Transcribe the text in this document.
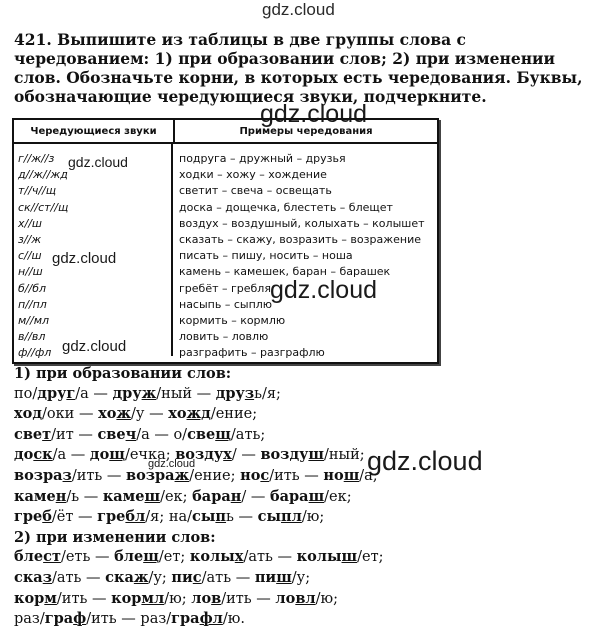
gdz.cloud
gdz.cloud
gdz.cloud
gdz.cloud
gdz.cloud
gdz.cloud
gdz.cloud
gdz.cloud
421. Выпишите из таблицы в две группы слова с чередованием: 1) при образовании слов; 2) при изменении слов. Обозначьте корни, в которых есть чередования. Буквы, обозначающие чередующиеся звуки, подчеркните.
Чередующиеся звуки	Примеры чередования
г//ж//з
д//ж//жд
т//ч//щ
ск//ст//щ
х//ш
з//ж
с//ш
н//ш
б//бл
п//пл
м//мл
в//вл
ф//фл
подруга – дружный – друзья
ходки – хожу – хождение
светит – свеча – освещать
доска – дощечка, блестеть – блещет
воздух – воздушный, колыхать – колышет
сказать – скажу, возразить – возражение
писать – пишу, носить – ноша
камень – камешек, баран – барашек
гребёт – гребля
насыпь – сыплю
кормить – кормлю
ловить – ловлю
разграфить – разграфлю
1) при образовании слов:
по/друг/а — друж/ный — друзь/я;
ход/оки — хож/у — хожд/ение;
свет/ит — свеч/а — о/свещ/ать;
доск/а — дощ/ечка; воздух/ — воздуш/ный;
возраз/ить — возраж/ение; нос/ить — нош/а;
камен/ь — камеш/ек; баран/ — бараш/ек;
греб/ёт — гребл/я; на/сыпь — сыпл/ю;
2) при изменении слов:
блест/еть — блещ/ет; колых/ать — колыш/ет;
сказ/ать — скаж/у; пис/ать — пиш/у;
корм/ить — кормл/ю; лов/ить — ловл/ю;
раз/граф/ить — раз/графл/ю.
